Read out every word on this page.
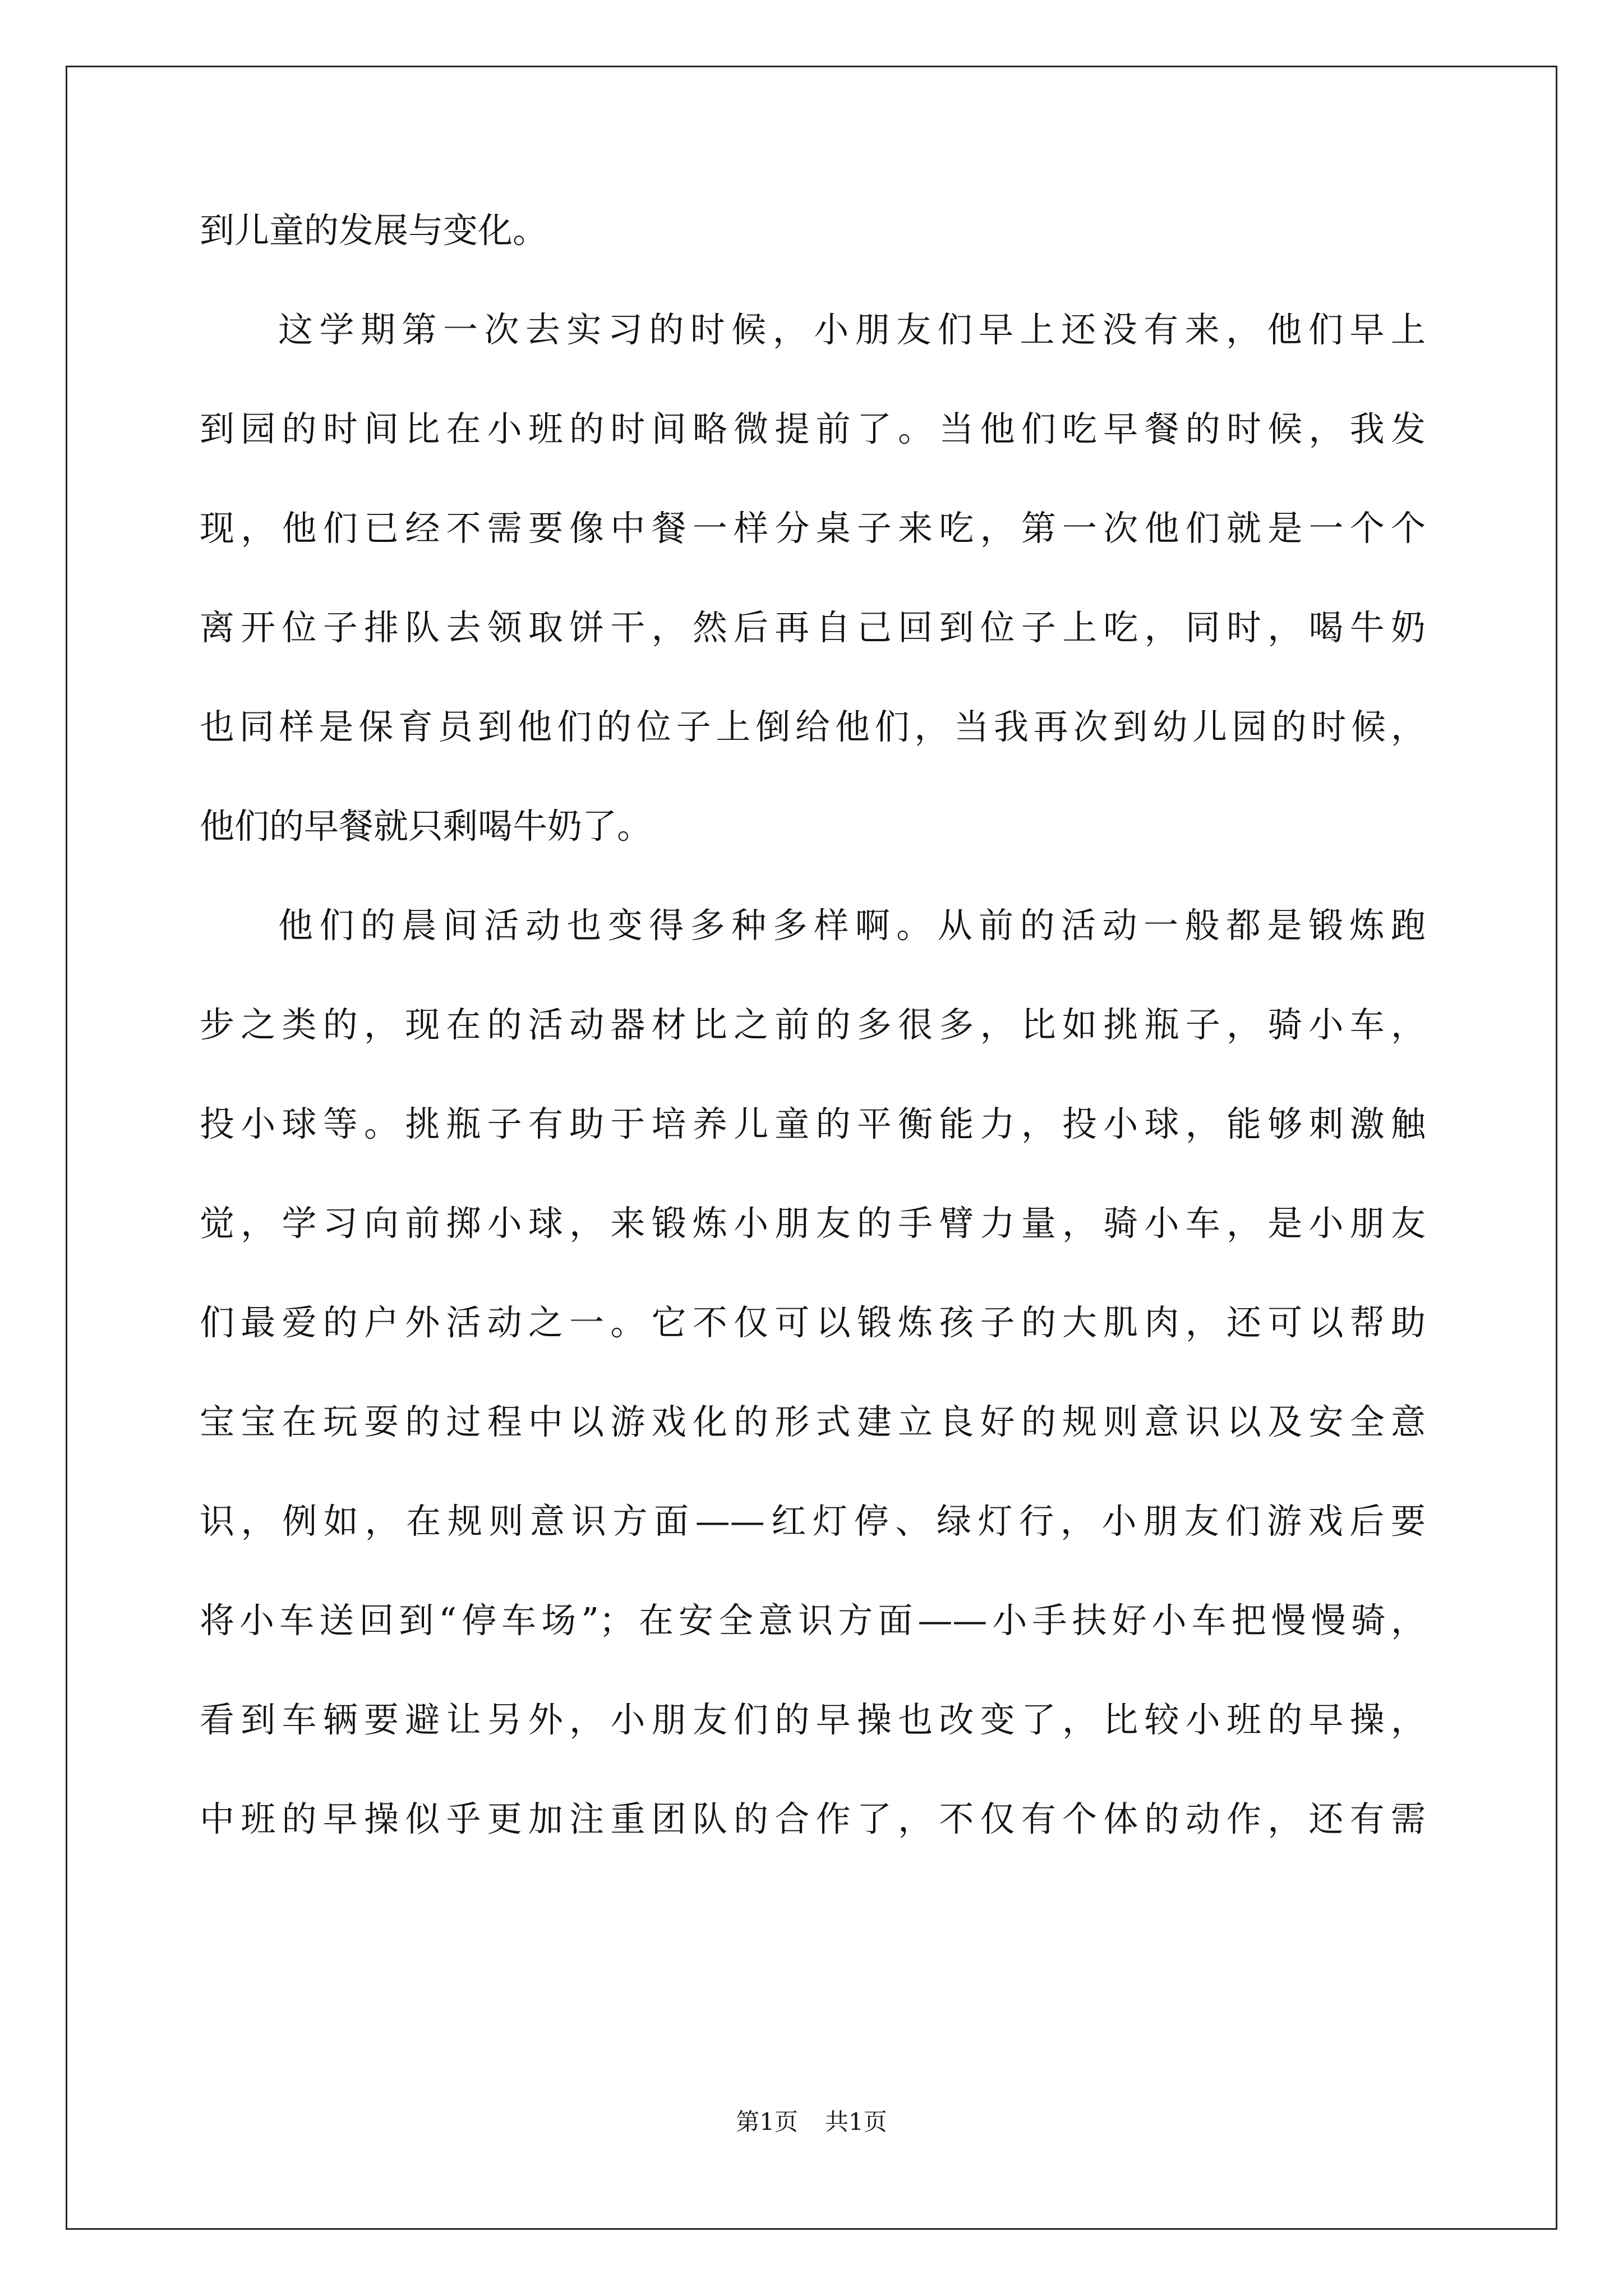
到儿童的发展与变化。
这学期第一次去实习的时候，小朋友们早上还没有来，他们早上
到园的时间比在小班的时间略微提前了。当他们吃早餐的时候，我发
现，他们已经不需要像中餐一样分桌子来吃，第一次他们就是一个个
离开位子排队去领取饼干，然后再自己回到位子上吃，同时，喝牛奶
也同样是保育员到他们的位子上倒给他们，当我再次到幼儿园的时候，
他们的早餐就只剩喝牛奶了。
他们的晨间活动也变得多种多样啊。从前的活动一般都是锻炼跑
步之类的，现在的活动器材比之前的多很多，比如挑瓶子，骑小车，
投小球等。挑瓶子有助于培养儿童的平衡能力，投小球，能够刺激触
觉，学习向前掷小球，来锻炼小朋友的手臂力量，骑小车，是小朋友
们最爱的户外活动之一。它不仅可以锻炼孩子的大肌肉，还可以帮助
宝宝在玩耍的过程中以游戏化的形式建立良好的规则意识以及安全意
识，例如，在规则意识方面——红灯停、绿灯行，小朋友们游戏后要
将小车送回到“停车场”；在安全意识方面——小手扶好小车把慢慢骑，
看到车辆要避让另外，小朋友们的早操也改变了，比较小班的早操，
中班的早操似乎更加注重团队的合作了，不仅有个体的动作，还有需
第1页 共1页
